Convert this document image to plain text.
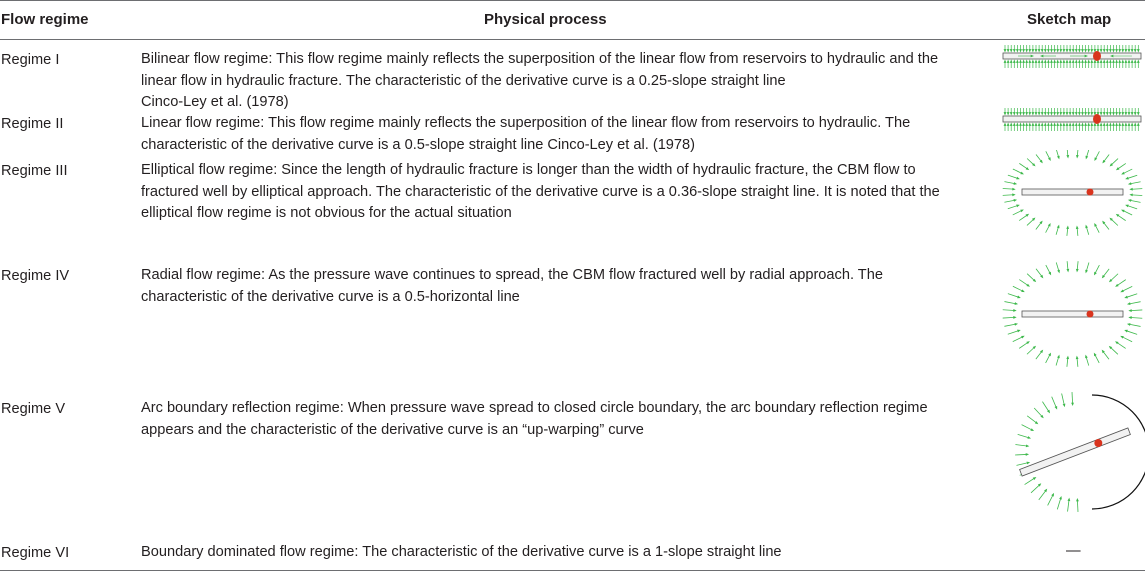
Flow regime	Physical process	Sketch map
Regime I	Bilinear flow regime: This flow regime mainly reflects the superposition of the linear flow from reservoirs to hydraulic and the
linear flow in hydraulic fracture. The characteristic of the derivative curve is a 0.25-slope straight line
Cinco-Ley et al. (1978)
Regime II	Linear flow regime: This flow regime mainly reflects the superposition of the linear flow from reservoirs to hydraulic. The
characteristic of the derivative curve is a 0.5-slope straight line Cinco-Ley et al. (1978)
Regime III	Elliptical flow regime: Since the length of hydraulic fracture is longer than the width of hydraulic fracture, the CBM flow to
fractured well by elliptical approach. The characteristic of the derivative curve is a 0.36-slope straight line. It is noted that the
elliptical flow regime is not obvious for the actual situation
Regime IV	Radial flow regime: As the pressure wave continues to spread, the CBM flow fractured well by radial approach. The
characteristic of the derivative curve is a 0.5-horizontal line
Regime V	Arc boundary reflection regime: When pressure wave spread to closed circle boundary, the arc boundary reflection regime
appears and the characteristic of the derivative curve is an “up-warping” curve
Regime VI	Boundary dominated flow regime: The characteristic of the derivative curve is a 1-slope straight line	—
